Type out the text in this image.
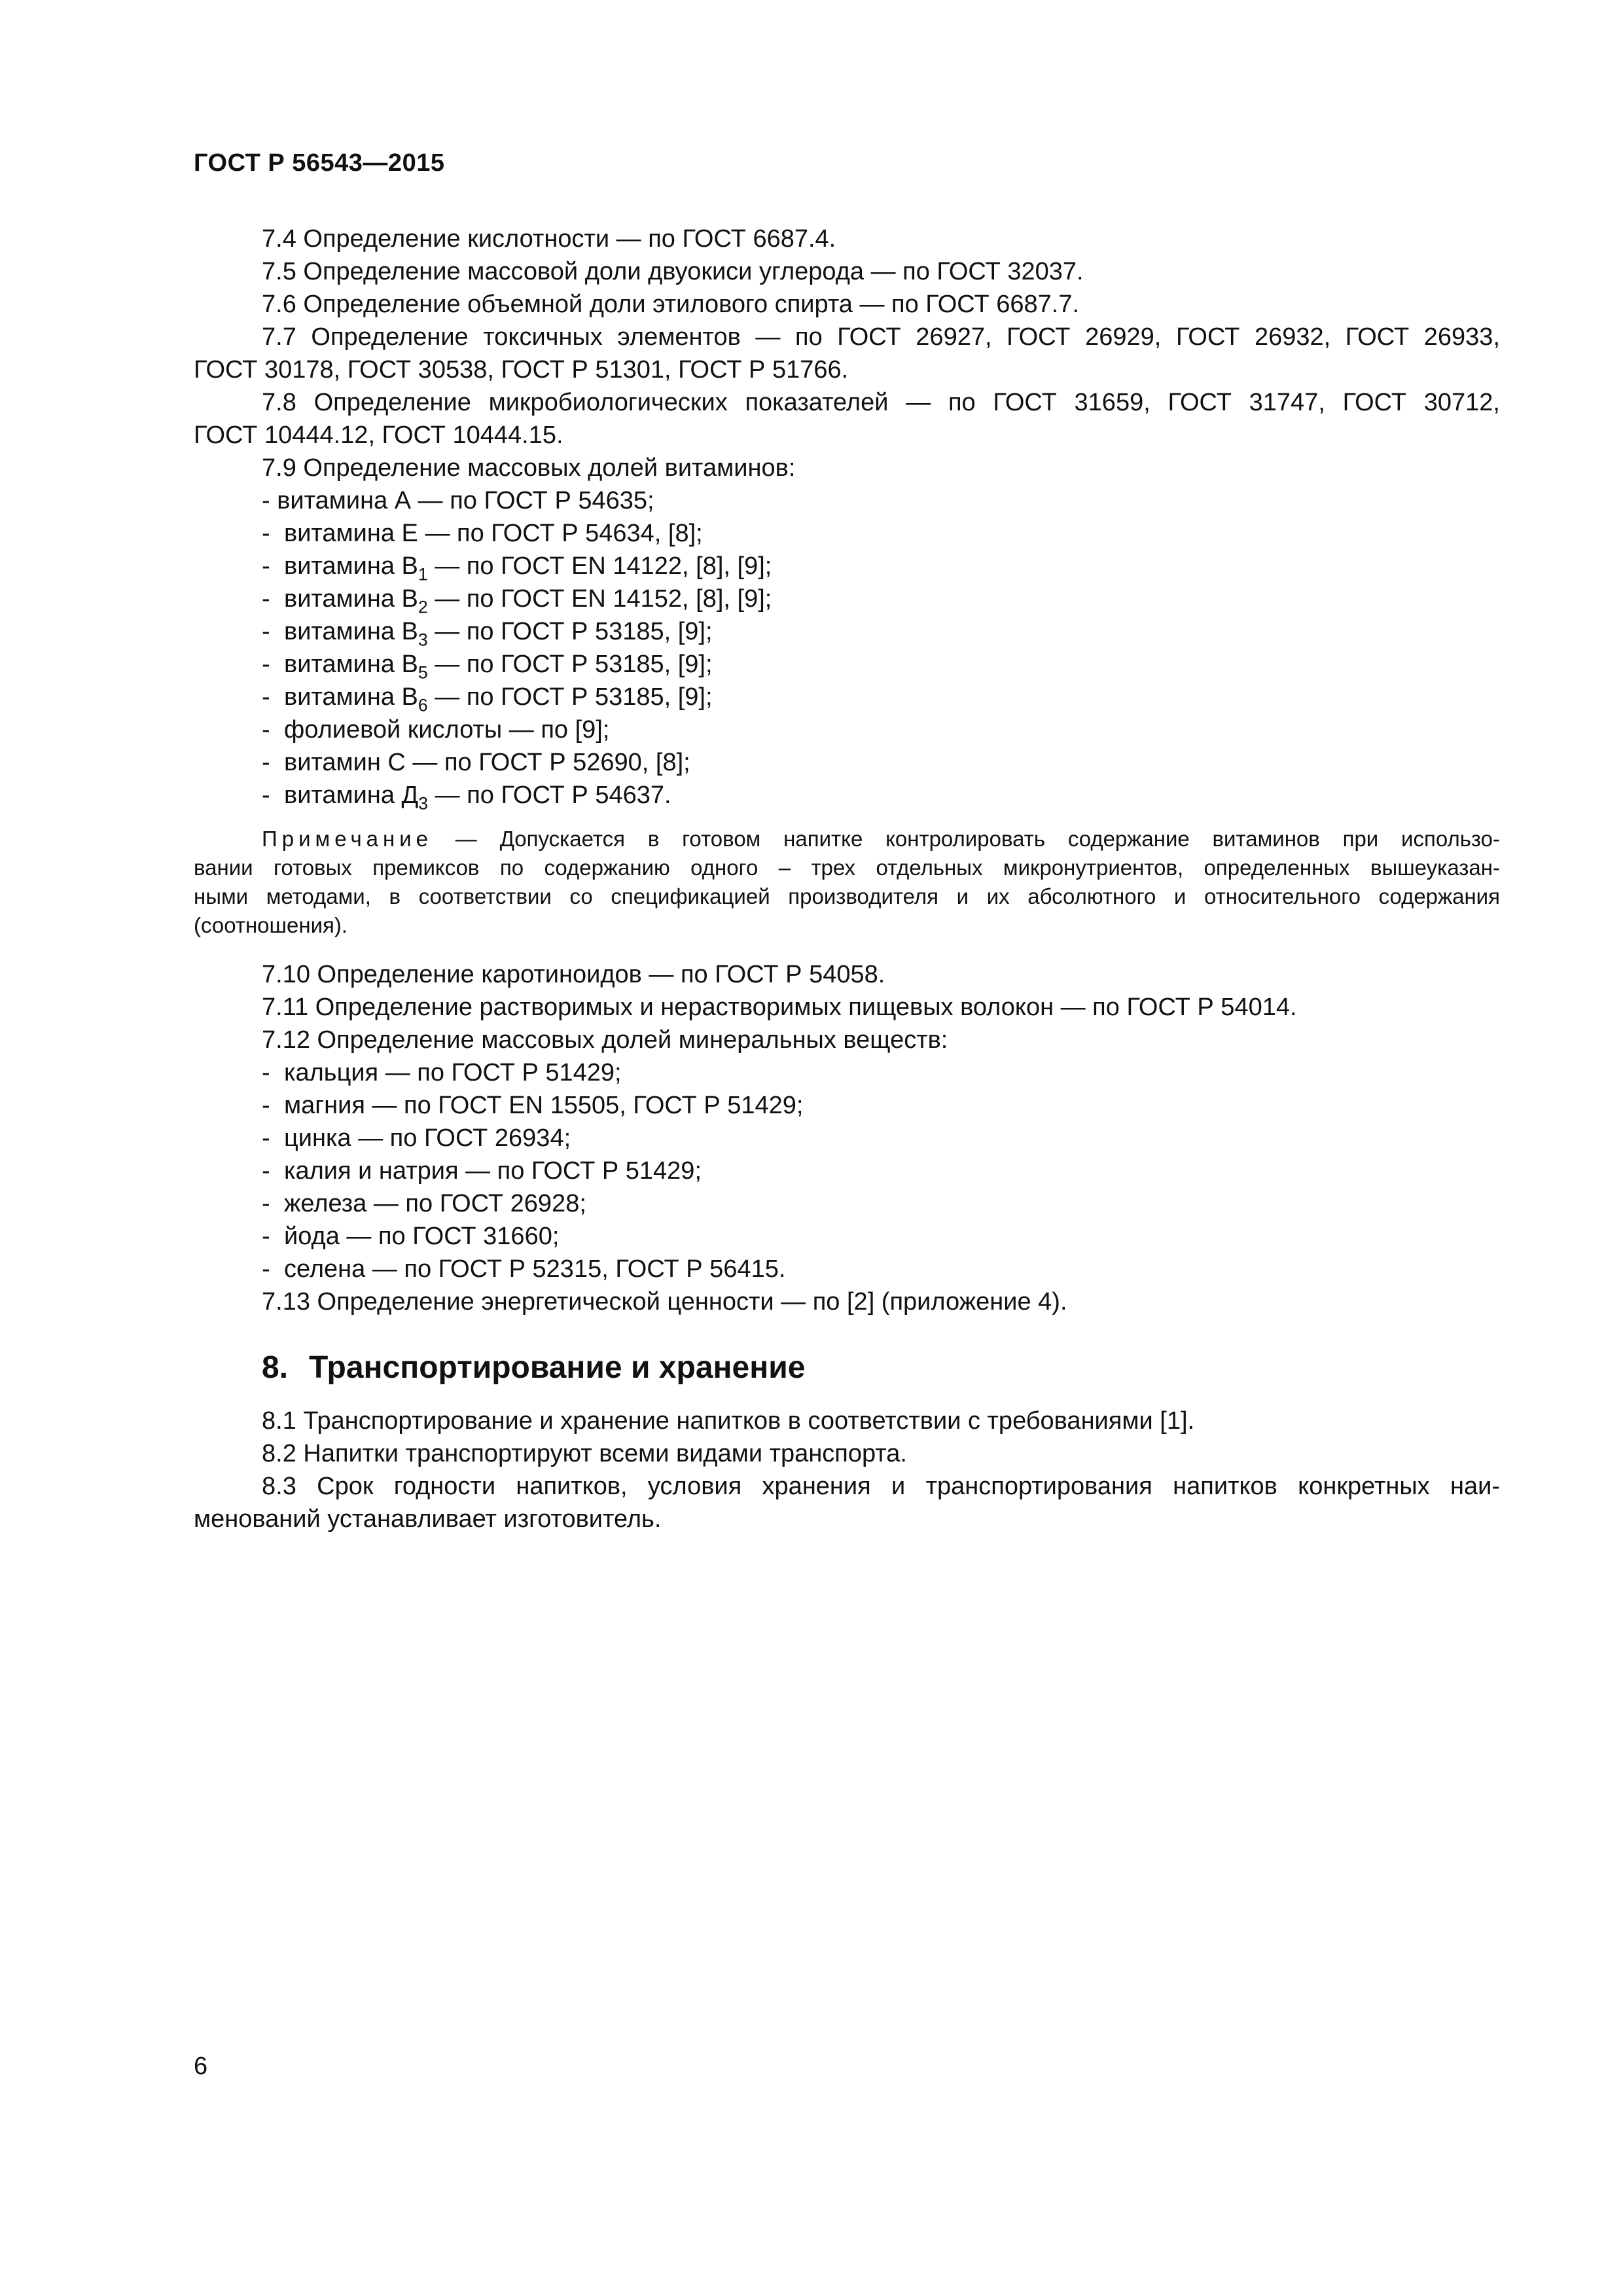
ГОСТ Р 56543—2015

7.4 Определение кислотности — по ГОСТ 6687.4.

7.5 Определение массовой доли двуокиси углерода — по ГОСТ 32037.

7.6 Определение объемной доли этилового спирта — по ГОСТ 6687.7.

7.7 Определение токсичных элементов — по ГОСТ 26927, ГОСТ 26929, ГОСТ 26932, ГОСТ 26933,

ГОСТ 30178, ГОСТ 30538, ГОСТ Р 51301, ГОСТ Р 51766.

7.8 Определение микробиологических показателей — по ГОСТ 31659, ГОСТ 31747, ГОСТ 30712,

ГОСТ 10444.12, ГОСТ 10444.15.

7.9 Определение массовых долей витаминов:

- витамина А — по ГОСТ Р 54635;

- витамина Е — по ГОСТ Р 54634, [8];

- витамина $В_1$ — по ГОСТ EN 14122, [8], [9];

- витамина $В_2$ — по ГОСТ EN 14152, [8], [9];

- витамина $В_3$ — по ГОСТ Р 53185, [9];

- витамина $В_5$ — по ГОСТ Р 53185, [9];

- витамина $В_6$ — по ГОСТ Р 53185, [9];

- фолиевой кислоты — по [9];

- витамин С — по ГОСТ Р 52690, [8];

- витамина $Д_3$ — по ГОСТ Р 54637.

Примечание — Допускается в готовом напитке контролировать содержание витаминов при использо-

вании готовых премиксов по содержанию одного – трех отдельных микронутриентов, определенных вышеуказан-

ными методами, в соответствии со спецификацией производителя и их абсолютного и относительного содержания

(соотношения).

7.10 Определение каротиноидов — по ГОСТ Р 54058.

7.11 Определение растворимых и нерастворимых пищевых волокон — по ГОСТ Р 54014.

7.12 Определение массовых долей минеральных веществ:

- кальция — по ГОСТ Р 51429;

- магния — по ГОСТ EN 15505, ГОСТ Р 51429;

- цинка — по ГОСТ 26934;

- калия и натрия — по ГОСТ Р 51429;

- железа — по ГОСТ 26928;

- йода — по ГОСТ 31660;

- селена — по ГОСТ Р 52315, ГОСТ Р 56415.

7.13 Определение энергетической ценности — по [2] (приложение 4).

8. Транспортирование и хранение

8.1 Транспортирование и хранение напитков в соответствии с требованиями [1].

8.2 Напитки транспортируют всеми видами транспорта.

8.3 Срок годности напитков, условия хранения и транспортирования напитков конкретных наи-

менований устанавливает изготовитель.

6
